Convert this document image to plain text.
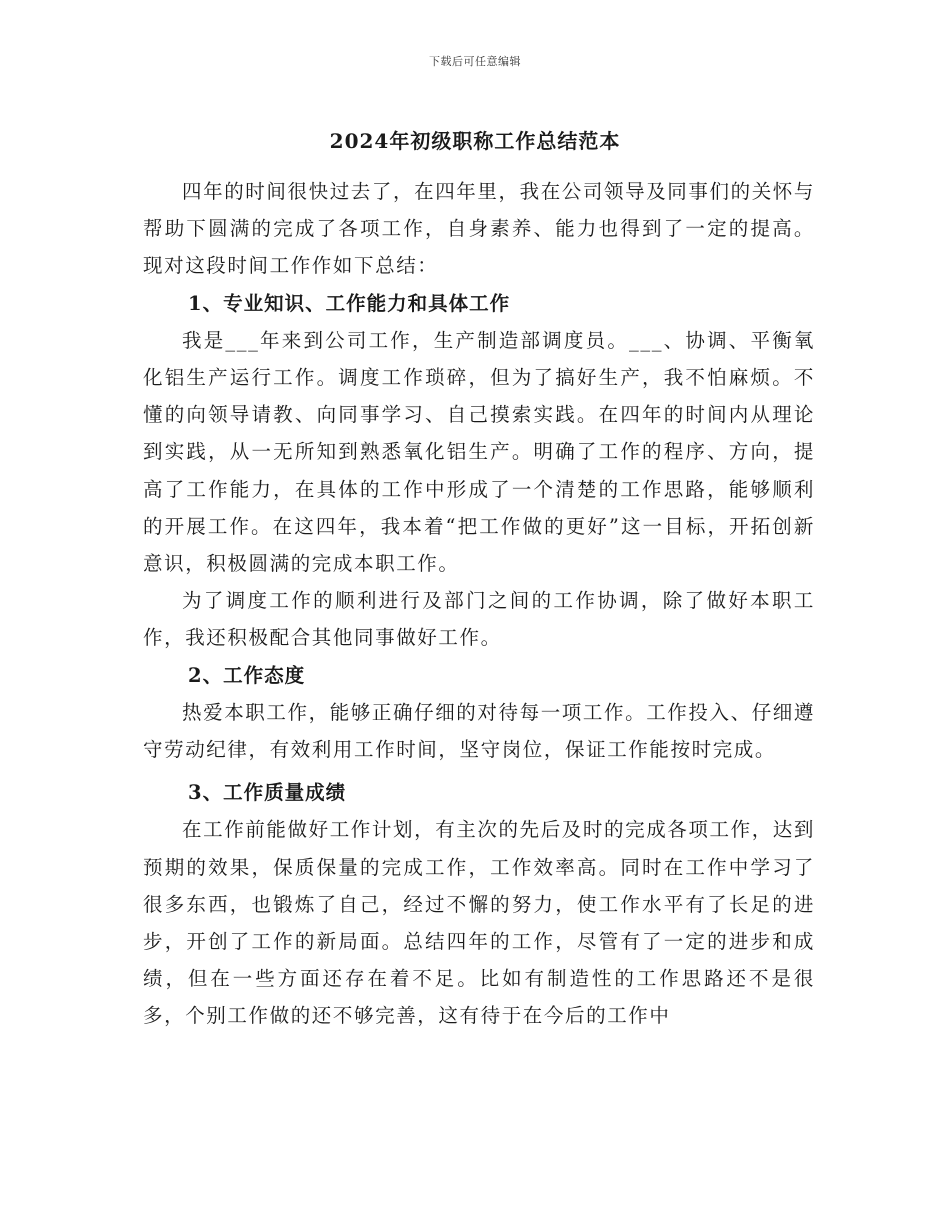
下载后可任意编辑
2024年初级职称工作总结范本

四年的时间很快过去了，在四年里，我在公司领导及同事们的关怀与帮助下圆满的完成了各项工作，自身素养、能力也得到了一定的提高。现对这段时间工作作如下总结：

1、专业知识、工作能力和具体工作

我是___年来到公司工作，生产制造部调度员。___、协调、平衡氧化铝生产运行工作。调度工作琐碎，但为了搞好生产，我不怕麻烦。不懂的向领导请教、向同事学习、自己摸索实践。在四年的时间内从理论到实践，从一无所知到熟悉氧化铝生产。明确了工作的程序、方向，提高了工作能力，在具体的工作中形成了一个清楚的工作思路，能够顺利的开展工作。在这四年，我本着“把工作做的更好”这一目标，开拓创新意识，积极圆满的完成本职工作。

为了调度工作的顺利进行及部门之间的工作协调，除了做好本职工作，我还积极配合其他同事做好工作。

2、工作态度

热爱本职工作，能够正确仔细的对待每一项工作。工作投入、仔细遵守劳动纪律，有效利用工作时间，坚守岗位，保证工作能按时完成。

3、工作质量成绩

在工作前能做好工作计划，有主次的先后及时的完成各项工作，达到预期的效果，保质保量的完成工作，工作效率高。同时在工作中学习了很多东西，也锻炼了自己，经过不懈的努力，使工作水平有了长足的进步，开创了工作的新局面。总结四年的工作，尽管有了一定的进步和成绩，但在一些方面还存在着不足。比如有制造性的工作思路还不是很多，个别工作做的还不够完善，这有待于在今后的工作中
